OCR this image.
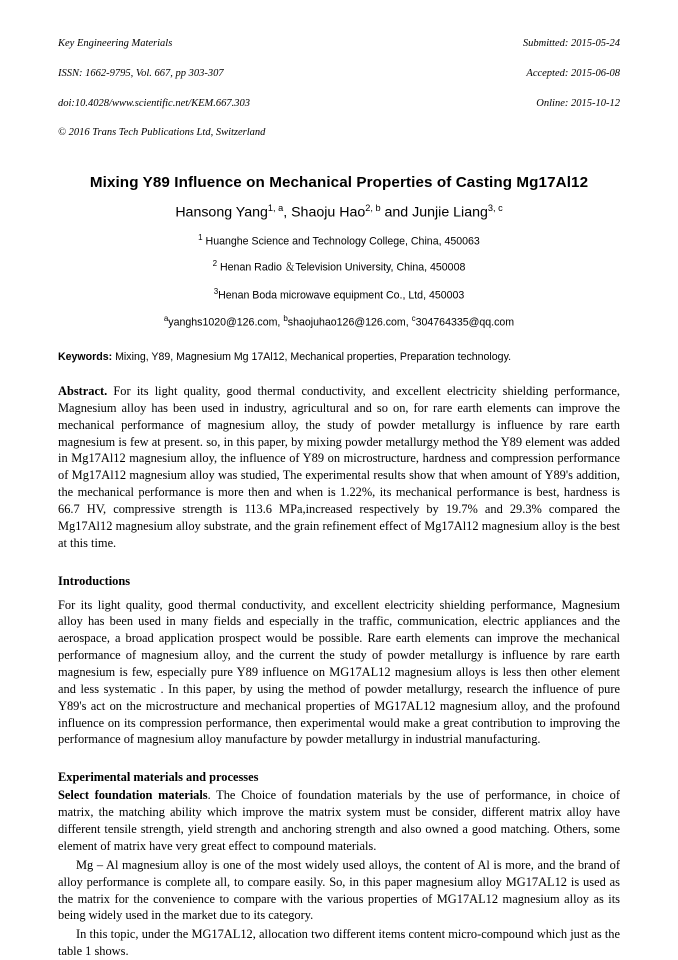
Key Engineering Materials

ISSN: 1662-9795, Vol. 667, pp 303-307

doi:10.4028/www.scientific.net/KEM.667.303

© 2016 Trans Tech Publications Ltd, Switzerland

Submitted: 2015-05-24

Accepted: 2015-06-08

Online: 2015-10-12

Mixing Y89 Influence on Mechanical Properties of Casting Mg17Al12
Hansong Yang$^{1, a}$, Shaoju Hao$^{2, b}$ and Junjie Liang$^{3, c}$
$^1$ Huanghe Science and Technology College, China, 450063
$^2$ Henan Radio ＆Television University, China, 450008
$^3$Henan Boda microwave equipment Co., Ltd, 450003
$^a$yanghs1020@126.com, $^b$shaojuhao126@126.com, $^c$304764335@qq.com
Keywords: Mixing, Y89, Magnesium Mg 17Al12, Mechanical properties, Preparation technology.
Abstract. For its light quality, good thermal conductivity, and excellent electricity shielding performance, Magnesium alloy has been used in industry, agricultural and so on, for rare earth elements can improve the mechanical performance of magnesium alloy, the study of powder metallurgy is influence by rare earth magnesium is few at present. so, in this paper, by mixing powder metallurgy method the Y89 element was added in Mg17Al12 magnesium alloy, the influence of Y89 on microstructure, hardness and compression performance of Mg17Al12 magnesium alloy was studied, The experimental results show that when amount of Y89's addition, the mechanical performance is more then and when is 1.22%, its mechanical performance is best, hardness is 66.7 HV, compressive strength is 113.6 MPa,increased respectively by 19.7% and 29.3% compared the Mg17Al12 magnesium alloy substrate, and the grain refinement effect of Mg17Al12 magnesium alloy is the best at this time.
Introductions
For its light quality, good thermal conductivity, and excellent electricity shielding performance, Magnesium alloy has been used in many fields and especially in the traffic, communication, electric appliances and the aerospace, a broad application prospect would be possible. Rare earth elements can improve the mechanical performance of magnesium alloy, and the current the study of powder metallurgy is influence by rare earth magnesium is few, especially pure Y89 influence on MG17AL12 magnesium alloys is less then other element and less systematic . In this paper, by using the method of powder metallurgy, research the influence of pure Y89's act on the microstructure and mechanical properties of MG17AL12 magnesium alloy, and the profound influence on its compression performance, then experimental would make a great contribution to improving the performance of magnesium alloy manufacture by powder metallurgy in industrial manufacturing.
Experimental materials and processes
Select foundation materials. The Choice of foundation materials by the use of performance, in choice of matrix, the matching ability which improve the matrix system must be consider, different matrix alloy have different tensile strength, yield strength and anchoring strength and also owned a good matching. Others, some element of matrix have very great effect to compound materials.
Mg – Al magnesium alloy is one of the most widely used alloys, the content of Al is more, and the brand of alloy performance is complete all, to compare easily. So, in this paper magnesium alloy MG17AL12 is used as the matrix for the convenience to compare with the various properties of MG17AL12 magnesium alloy as its being widely used in the market due to its category.
In this topic, under the MG17AL12, allocation two different items content micro-compound which just as the table 1 shows.
